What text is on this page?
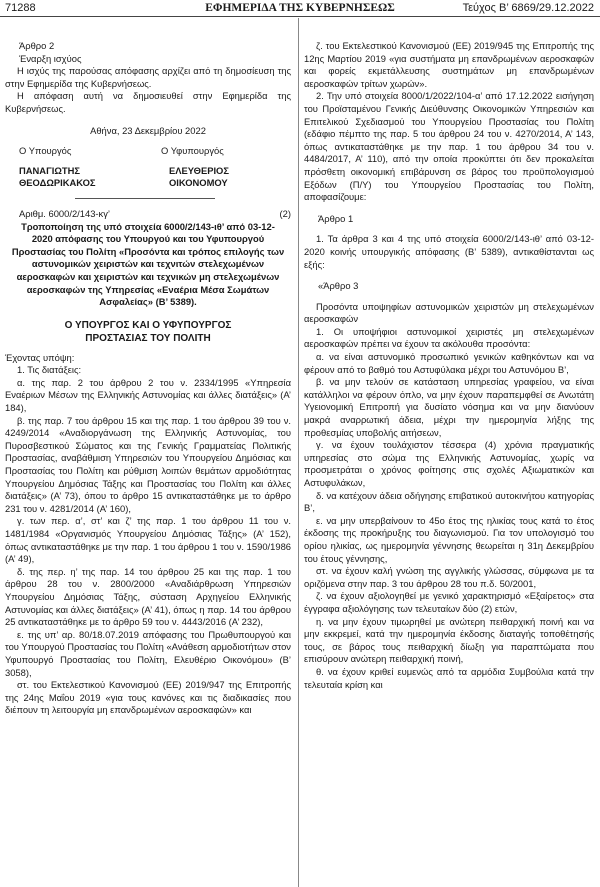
71288	ΕΦΗΜΕΡΙΔΑ ΤΗΣ ΚΥΒΕΡΝΗΣΕΩΣ	Τεύχος Β’ 6869/29.12.2022

Άρθρο 2

Έναρξη ισχύος

Η ισχύς της παρούσας απόφασης αρχίζει από τη δημοσίευση της στην Εφημερίδα της Κυβερνήσεως.

Η απόφαση αυτή να δημοσιευθεί στην Εφημερίδα της Κυβερνήσεως.

Αθήνα, 23 Δεκεμβρίου 2022

Ο Υπουργός	Ο Υφυπουργός
ΠΑΝΑΓΙΩΤΗΣ	ΕΛΕΥΘΕΡΙΟΣ
ΘΕΟΔΩΡΙΚΑΚΟΣ	ΟΙΚΟΝΟΜΟΥ
Αριθμ. 6000/2/143-κγ’	(2)

Τροποποίηση της υπό στοιχεία 6000/2/143-ιθ’ από 03-12-2020 απόφασης του Υπουργού και του Υφυπουργού Προστασίας του Πολίτη «Προσόντα και τρόπος επιλογής των αστυνομικών χειριστών και τεχνιτών στελεχωμένων αεροσκαφών και χειριστών και τεχνικών μη στελεχωμένων αεροσκαφών της Υπηρεσίας «Εναέρια Μέσα Σωμάτων Ασφαλείας» (Β’ 5389).

Ο ΥΠΟΥΡΓΟΣ ΚΑΙ Ο ΥΦΥΠΟΥΡΓΟΣ

ΠΡΟΣΤΑΣΙΑΣ ΤΟΥ ΠΟΛΙΤΗ

Έχοντας υπόψη:

1. Τις διατάξεις:

α. της παρ. 2 του άρθρου 2 του ν. 2334/1995 «Υπηρεσία Εναέριων Μέσων της Ελληνικής Αστυνομίας και άλλες διατάξεις» (Α’ 184),

β. της παρ. 7 του άρθρου 15 και της παρ. 1 του άρθρου 39 του ν. 4249/2014 «Αναδιοργάνωση της Ελληνικής Αστυνομίας, του Πυροσβεστικού Σώματος και της Γενικής Γραμματείας Πολιτικής Προστασίας, αναβάθμιση Υπηρεσιών του Υπουργείου Δημόσιας και Προστασίας του Πολίτη και ρύθμιση λοιπών θεμάτων αρμοδιότητας Υπουργείου Δημόσιας Τάξης και Προστασίας του Πολίτη και άλλες διατάξεις» (Α’ 73), όπου το άρθρο 15 αντικαταστάθηκε με το άρθρο 231 του ν. 4281/2014 (Α’ 160),

γ. των περ. α’, στ’ και ζ’ της παρ. 1 του άρθρου 11 του ν. 1481/1984 «Οργανισμός Υπουργείου Δημόσιας Τάξης» (Α’ 152), όπως αντικαταστάθηκε με την παρ. 1 του άρθρου 1 του ν. 1590/1986 (Α’ 49),

δ. της περ. η’ της παρ. 14 του άρθρου 25 και της παρ. 1 του άρθρου 28 του ν. 2800/2000 «Αναδιάρθρωση Υπηρεσιών Υπουργείου Δημόσιας Τάξης, σύσταση Αρχηγείου Ελληνικής Αστυνομίας και άλλες διατάξεις» (Α’ 41), όπως η παρ. 14 του άρθρου 25 αντικαταστάθηκε με το άρθρο 59 του ν. 4443/2016 (Α’ 232),

ε. της υπ’ αρ. 80/18.07.2019 απόφασης του Πρωθυπουργού και του Υπουργού Προστασίας του Πολίτη «Ανάθεση αρμοδιοτήτων στον Υφυπουργό Προστασίας του Πολίτη, Ελευθέριο Οικονόμου» (Β’ 3058),

στ. του Εκτελεστικού Κανονισμού (ΕΕ) 2019/947 της Επιτροπής της 24ης Μαΐου 2019 «για τους κανόνες και τις διαδικασίες που διέπουν τη λειτουργία μη επανδρωμένων αεροσκαφών» και

ζ. του Εκτελεστικού Κανονισμού (ΕΕ) 2019/945 της Επιτροπής της 12ης Μαρτίου 2019 «για συστήματα μη επανδρωμένων αεροσκαφών και φορείς εκμετάλλευσης συστημάτων μη επανδρωμένων αεροσκαφών τρίτων χωρών».

2. Την υπό στοιχεία 8000/1/2022/104-α’ από 17.12.2022 εισήγηση του Προϊσταμένου Γενικής Διεύθυνσης Οικονομικών Υπηρεσιών και Επιτελικού Σχεδιασμού του Υπουργείου Προστασίας του Πολίτη (εδάφιο πέμπτο της παρ. 5 του άρθρου 24 του ν. 4270/2014, Α’ 143, όπως αντικαταστάθηκε με την παρ. 1 του άρθρου 34 του ν. 4484/2017, Α’ 110), από την οποία προκύπτει ότι δεν προκαλείται πρόσθετη οικονομική επιβάρυνση σε βάρος του προϋπολογισμού Εξόδων (Π/Υ) του Υπουργείου Προστασίας του Πολίτη, αποφασίζουμε:

Άρθρο 1

1. Τα άρθρα 3 και 4 της υπό στοιχεία 6000/2/143-ιθ’ από 03-12-2020 κοινής υπουργικής απόφασης (Β’ 5389), αντικαθίστανται ως εξής:

«Άρθρο 3

Προσόντα υποψηφίων αστυνομικών χειριστών μη στελεχωμένων αεροσκαφών

1. Οι υποψήφιοι αστυνομικοί χειριστές μη στελεχωμένων αεροσκαφών πρέπει να έχουν τα ακόλουθα προσόντα:

α. να είναι αστυνομικό προσωπικό γενικών καθηκόντων και να φέρουν από το βαθμό του Αστυφύλακα μέχρι του Αστυνόμου Β’,

β. να μην τελούν σε κατάσταση υπηρεσίας γραφείου, να είναι κατάλληλοι να φέρουν όπλο, να μην έχουν παραπεμφθεί σε Ανωτάτη Υγειονομική Επιτροπή για δυσίατο νόσημα και να μην διανύουν μακρά αναρρωτική άδεια, μέχρι την ημερομηνία λήξης της προθεσμίας υποβολής αιτήσεων,

γ. να έχουν τουλάχιστον τέσσερα (4) χρόνια πραγματικής υπηρεσίας στο σώμα της Ελληνικής Αστυνομίας, χωρίς να προσμετράται ο χρόνος φοίτησης στις σχολές Αξιωματικών και Αστυφυλάκων,

δ. να κατέχουν άδεια οδήγησης επιβατικού αυτοκινήτου κατηγορίας Β’,

ε. να μην υπερβαίνουν το 45ο έτος της ηλικίας τους κατά το έτος έκδοσης της προκήρυξης του διαγωνισμού. Για τον υπολογισμό του ορίου ηλικίας, ως ημερομηνία γέννησης θεωρείται η 31η Δεκεμβρίου του έτους γέννησης,

στ. να έχουν καλή γνώση της αγγλικής γλώσσας, σύμφωνα με τα οριζόμενα στην παρ. 3 του άρθρου 28 του π.δ. 50/2001,

ζ. να έχουν αξιολογηθεί με γενικό χαρακτηρισμό «Εξαίρετος» στα έγγραφα αξιολόγησης των τελευταίων δύο (2) ετών,

η. να μην έχουν τιμωρηθεί με ανώτερη πειθαρχική ποινή και να μην εκκρεμεί, κατά την ημερομηνία έκδοσης διαταγής τοποθέτησής τους, σε βάρος τους πειθαρχική δίωξη για παραπτώματα που επισύρουν ανώτερη πειθαρχική ποινή,

θ. να έχουν κριθεί ευμενώς από τα αρμόδια Συμβούλια κατά την τελευταία κρίση και
